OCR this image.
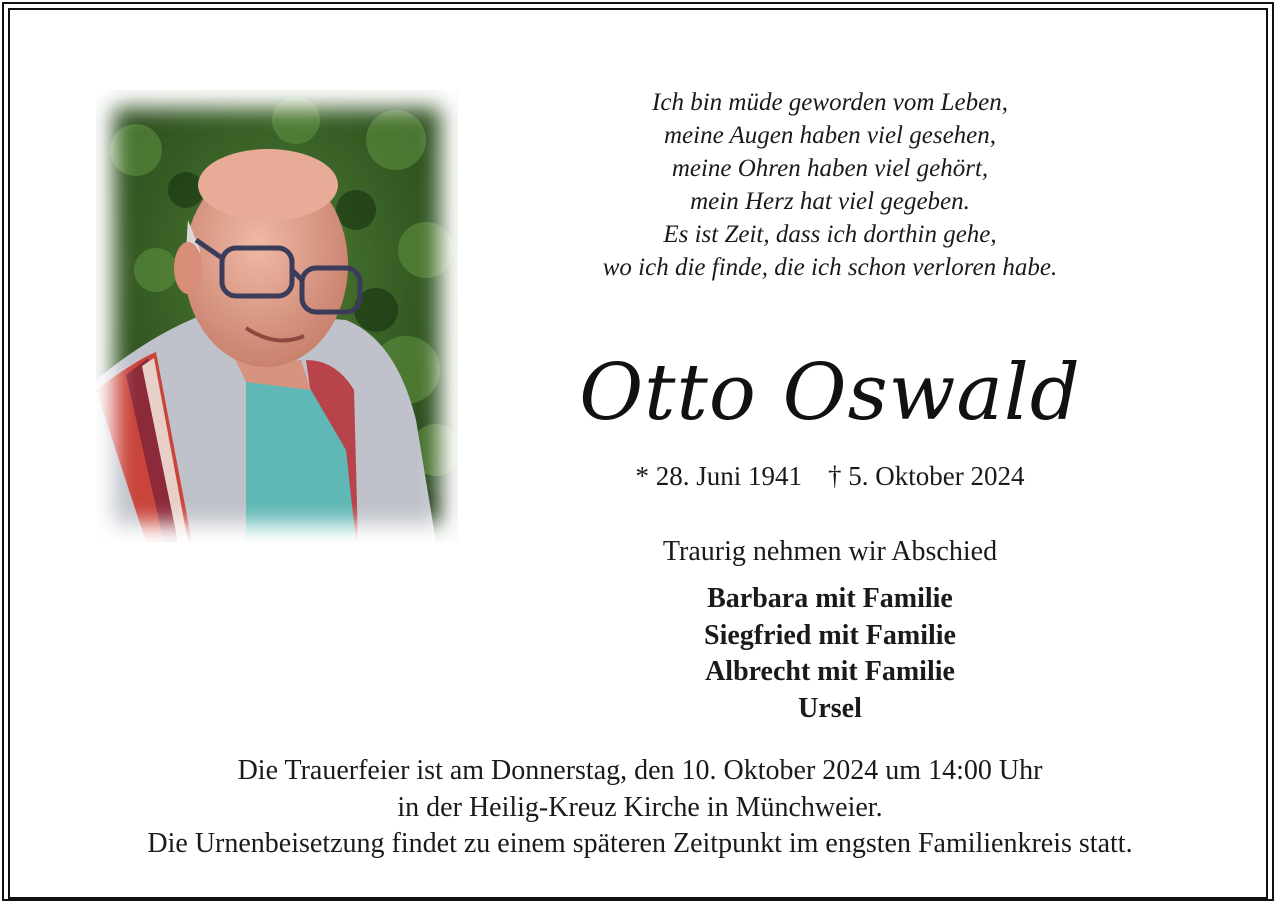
Ich bin müde geworden vom Leben,
meine Augen haben viel gesehen,
meine Ohren haben viel gehört,
mein Herz hat viel gegeben.
Es ist Zeit, dass ich dorthin gehe,
wo ich die finde, die ich schon verloren habe.
Otto Oswald
* 28. Juni 1941 † 5. Oktober 2024
Traurig nehmen wir Abschied
Barbara mit Familie
Siegfried mit Familie
Albrecht mit Familie
Ursel
Die Trauerfeier ist am Donnerstag, den 10. Oktober 2024 um 14:00 Uhr
in der Heilig-Kreuz Kirche in Münchweier.
Die Urnenbeisetzung findet zu einem späteren Zeitpunkt im engsten Familienkreis statt.
